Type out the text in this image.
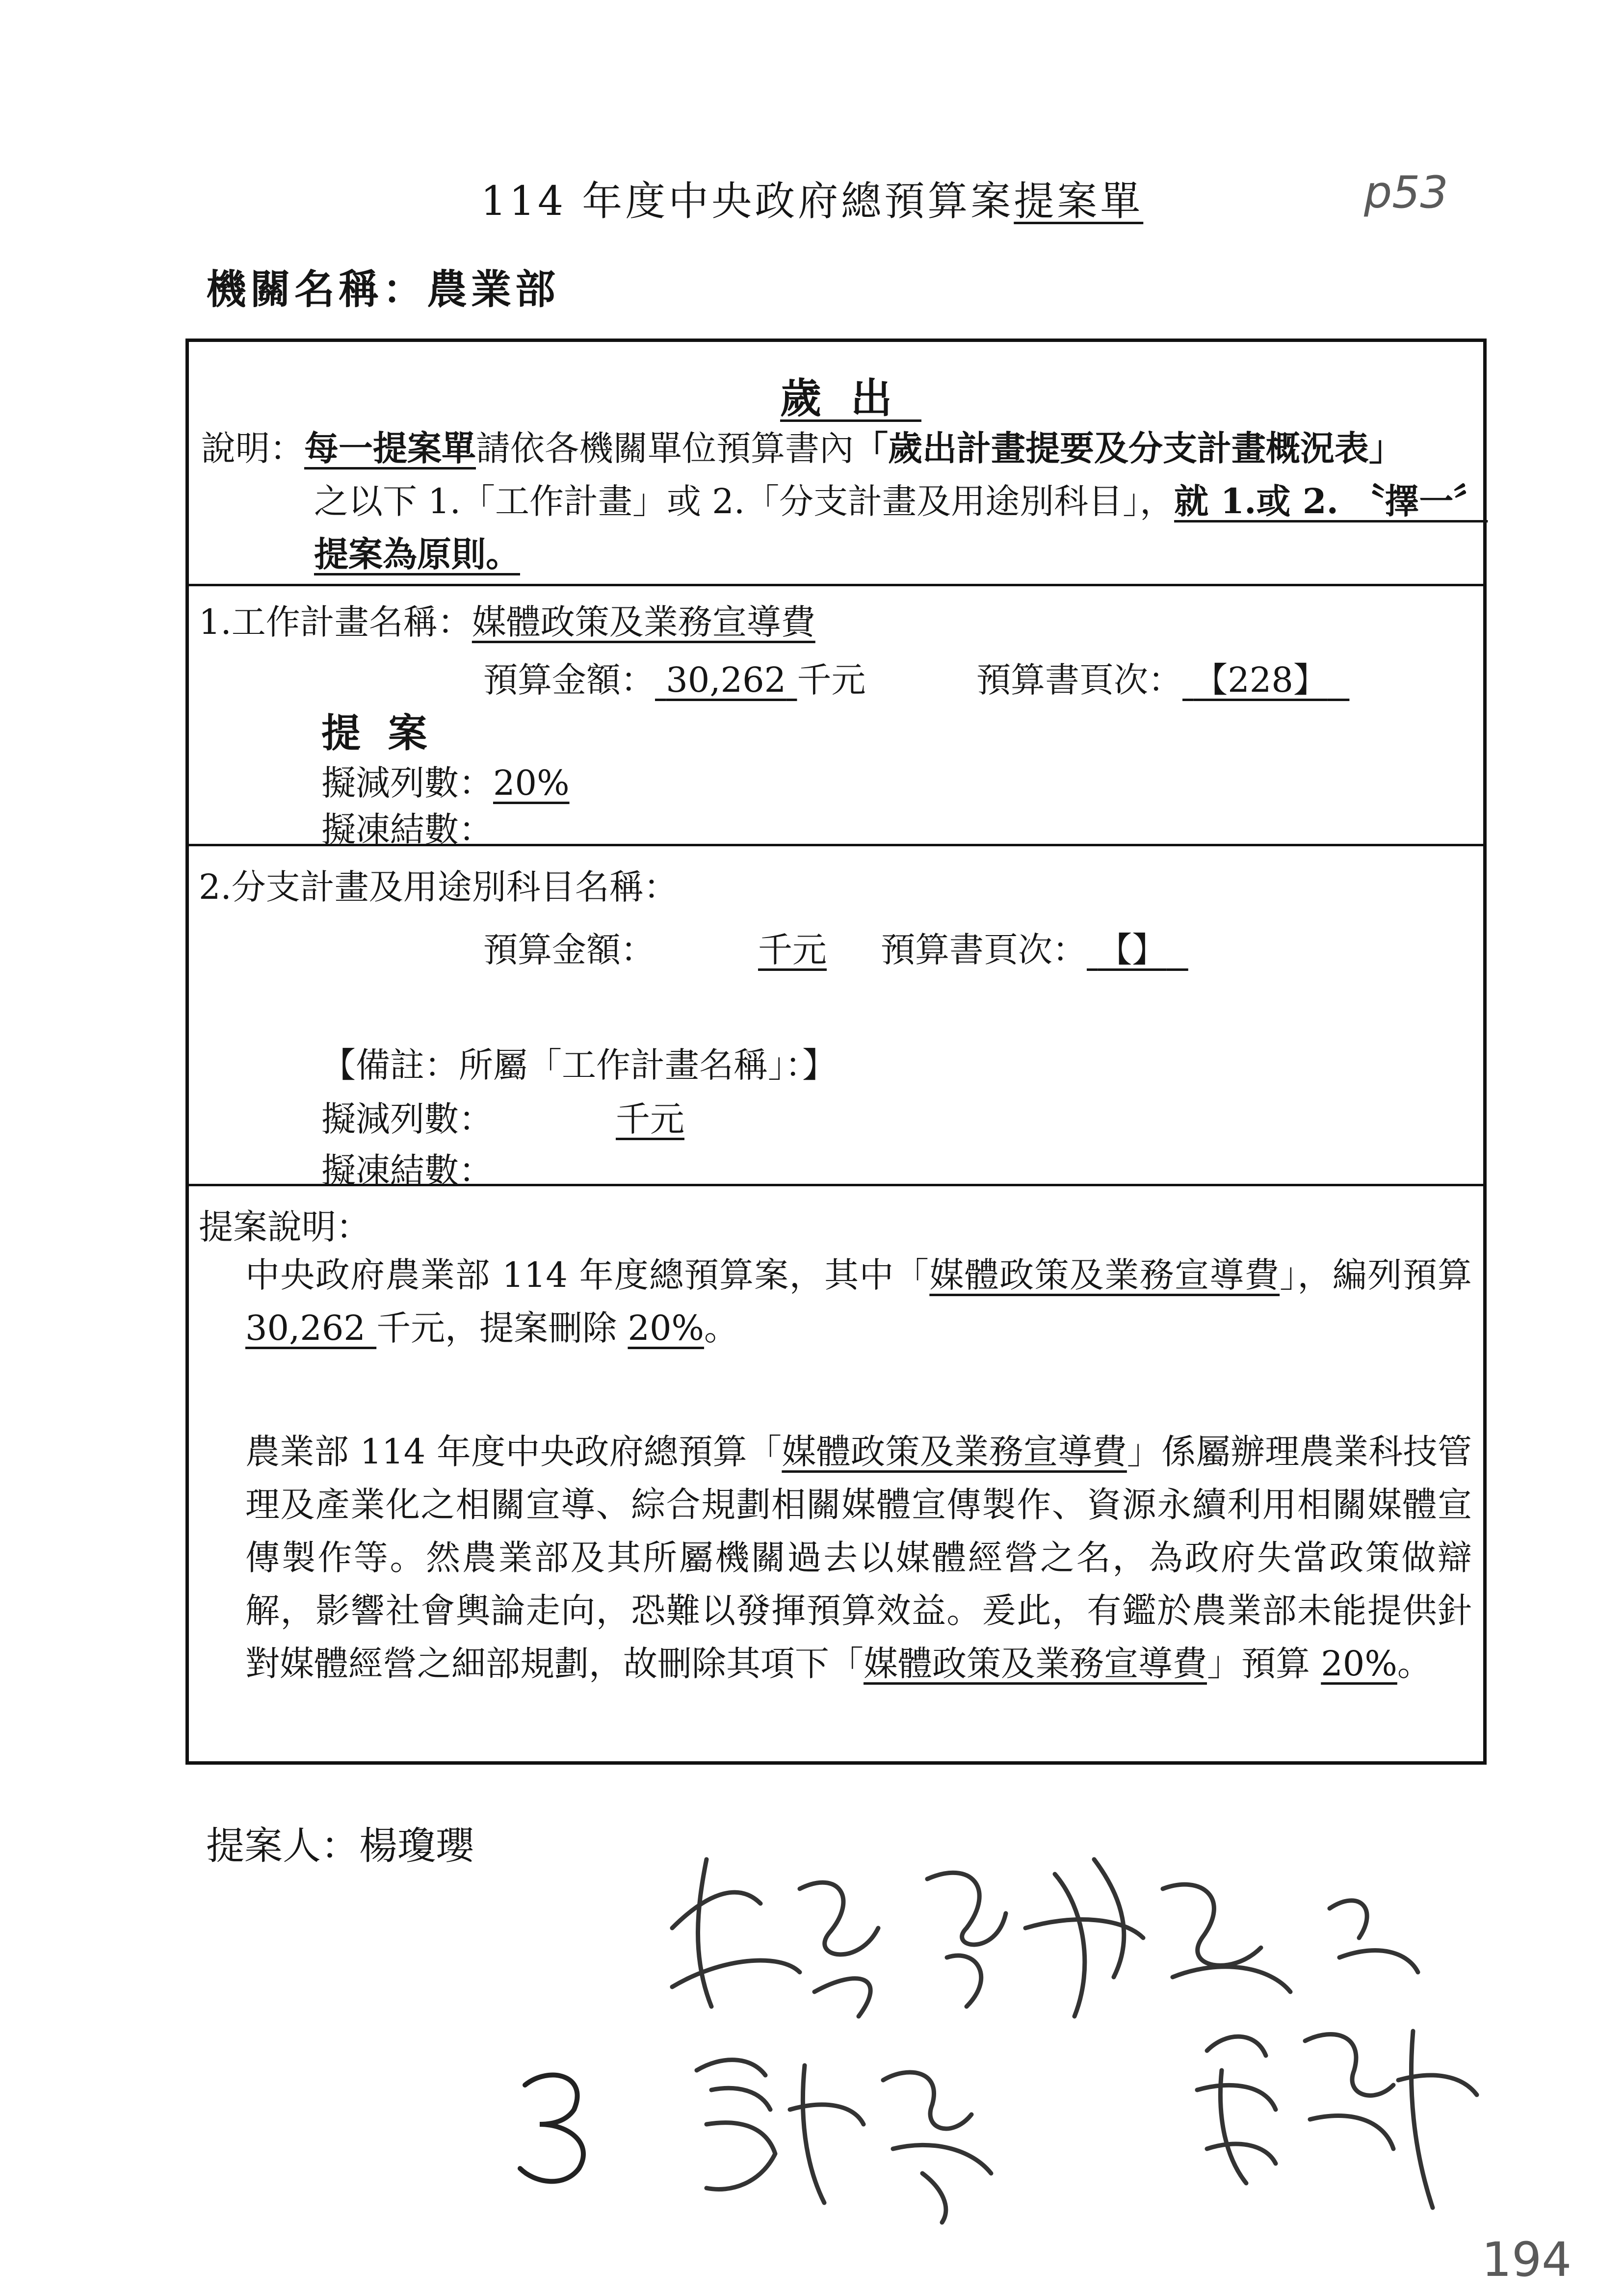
114 年度中央政府總預算案提案單	p53
機關名稱：農業部
歲出
說明：每一提案單請依各機關單位預算書內「歲出計畫提要及分支計畫概況表」
之以下 1.「工作計畫」或 2.「分支計畫及用途別科目」，就 1.或 2. 〝擇一〞
提案為原則。
1.工作計畫名稱：媒體政策及業務宣導費
預算金額： 30,262 千元	預算書頁次： 【228】
提  案
擬減列數：20%
擬凍結數：
2.分支計畫及用途別科目名稱：
預算金額：	千元 預算書頁次： 【】
【備註：所屬「工作計畫名稱」：】
擬減列數：	千元
擬凍結數：
提案說明：
中央政府農業部 114 年度總預算案，其中「媒體政策及業務宣導費」，編列預算 30,262 千元，提案刪除 20%。
農業部 114 年度中央政府總預算「媒體政策及業務宣導費」係屬辦理農業科技管理及產業化之相關宣導、綜合規劃相關媒體宣傳製作、資源永續利用相關媒體宣傳製作等。然農業部及其所屬機關過去以媒體經營之名，為政府失當政策做辯解，影響社會輿論走向，恐難以發揮預算效益。爰此，有鑑於農業部未能提供針對媒體經營之細部規劃，故刪除其項下「媒體政策及業務宣導費」預算 20%。
提案人：楊瓊瓔
3
194
